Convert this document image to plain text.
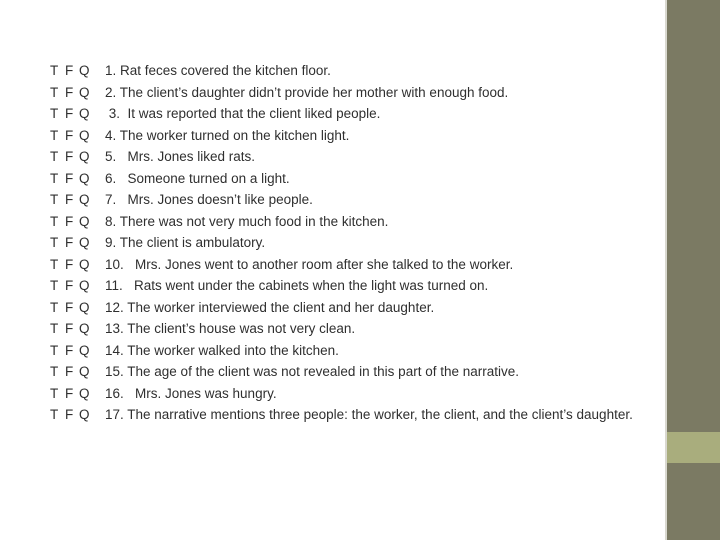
T F Q	1. Rat feces covered the kitchen floor.
T F Q	2. The client’s daughter didn’t provide her mother with enough food.
T F Q	3.  It was reported that the client liked people.
T F Q	4. The worker turned on the kitchen light.
T F Q	5.   Mrs. Jones liked rats.
T F Q	6.   Someone turned on a light.
T F Q	7.   Mrs. Jones doesn’t like people.
T F Q	8. There was not very much food in the kitchen.
T F Q	9. The client is ambulatory.
T F Q	10.   Mrs. Jones went to another room after she talked to the worker.
T F Q	11.   Rats went under the cabinets when the light was turned on.
T F Q	12. The worker interviewed the client and her daughter.
T F Q	13. The client’s house was not very clean.
T F Q	14. The worker walked into the kitchen.
T F Q	15. The age of the client was not revealed in this part of the narrative.
T F Q	16.   Mrs. Jones was hungry.
T F Q	17. The narrative mentions three people: the worker, the client, and the client’s daughter.
